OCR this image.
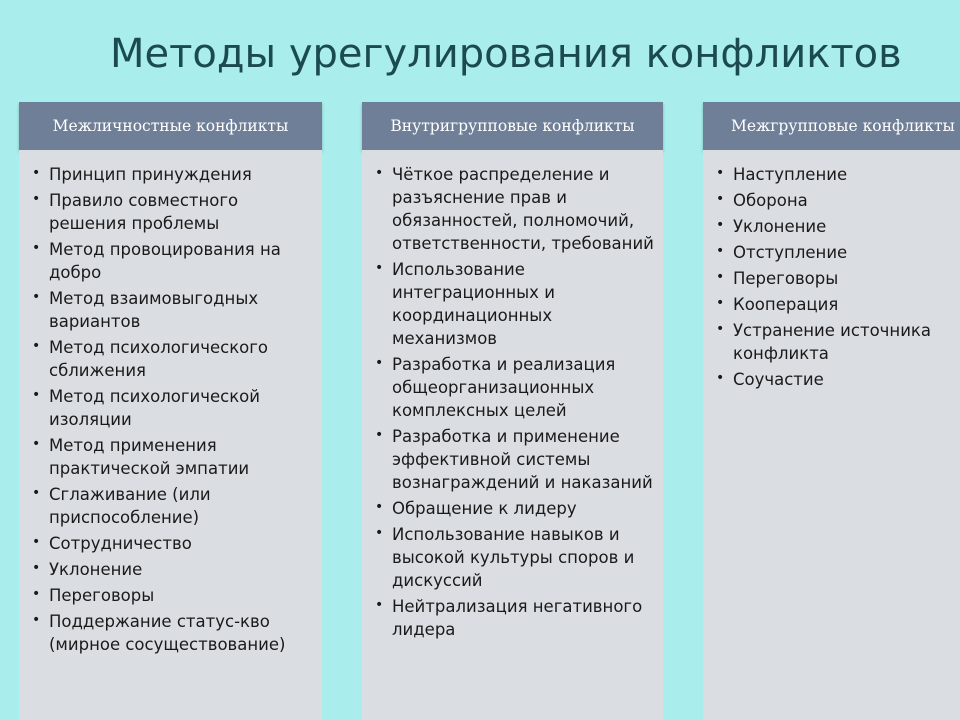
Методы урегулирования конфликтов
Межличностные конфликты
• Принцип принуждения
• Правило совместного решения проблемы
• Метод провоцирования на добро
• Метод взаимовыгодных вариантов
• Метод психологического сближения
• Метод психологической изоляции
• Метод применения практической эмпатии
• Сглаживание (или приспособление)
• Сотрудничество
• Уклонение
• Переговоры
• Поддержание статус-кво (мирное сосуществование)
Внутригрупповые конфликты
• Чёткое распределение и разъяснение прав и обязанностей, полномочий, ответственности, требований
• Использование интеграционных и координационных механизмов
• Разработка и реализация общеорганизационных комплексных целей
• Разработка и применение эффективной системы вознаграждений и наказаний
• Обращение к лидеру
• Использование навыков и высокой культуры споров и дискуссий
• Нейтрализация негативного лидера
Межгрупповые конфликты
• Наступление
• Оборона
• Уклонение
• Отступление
• Переговоры
• Кооперация
• Устранение источника конфликта
• Соучастие
